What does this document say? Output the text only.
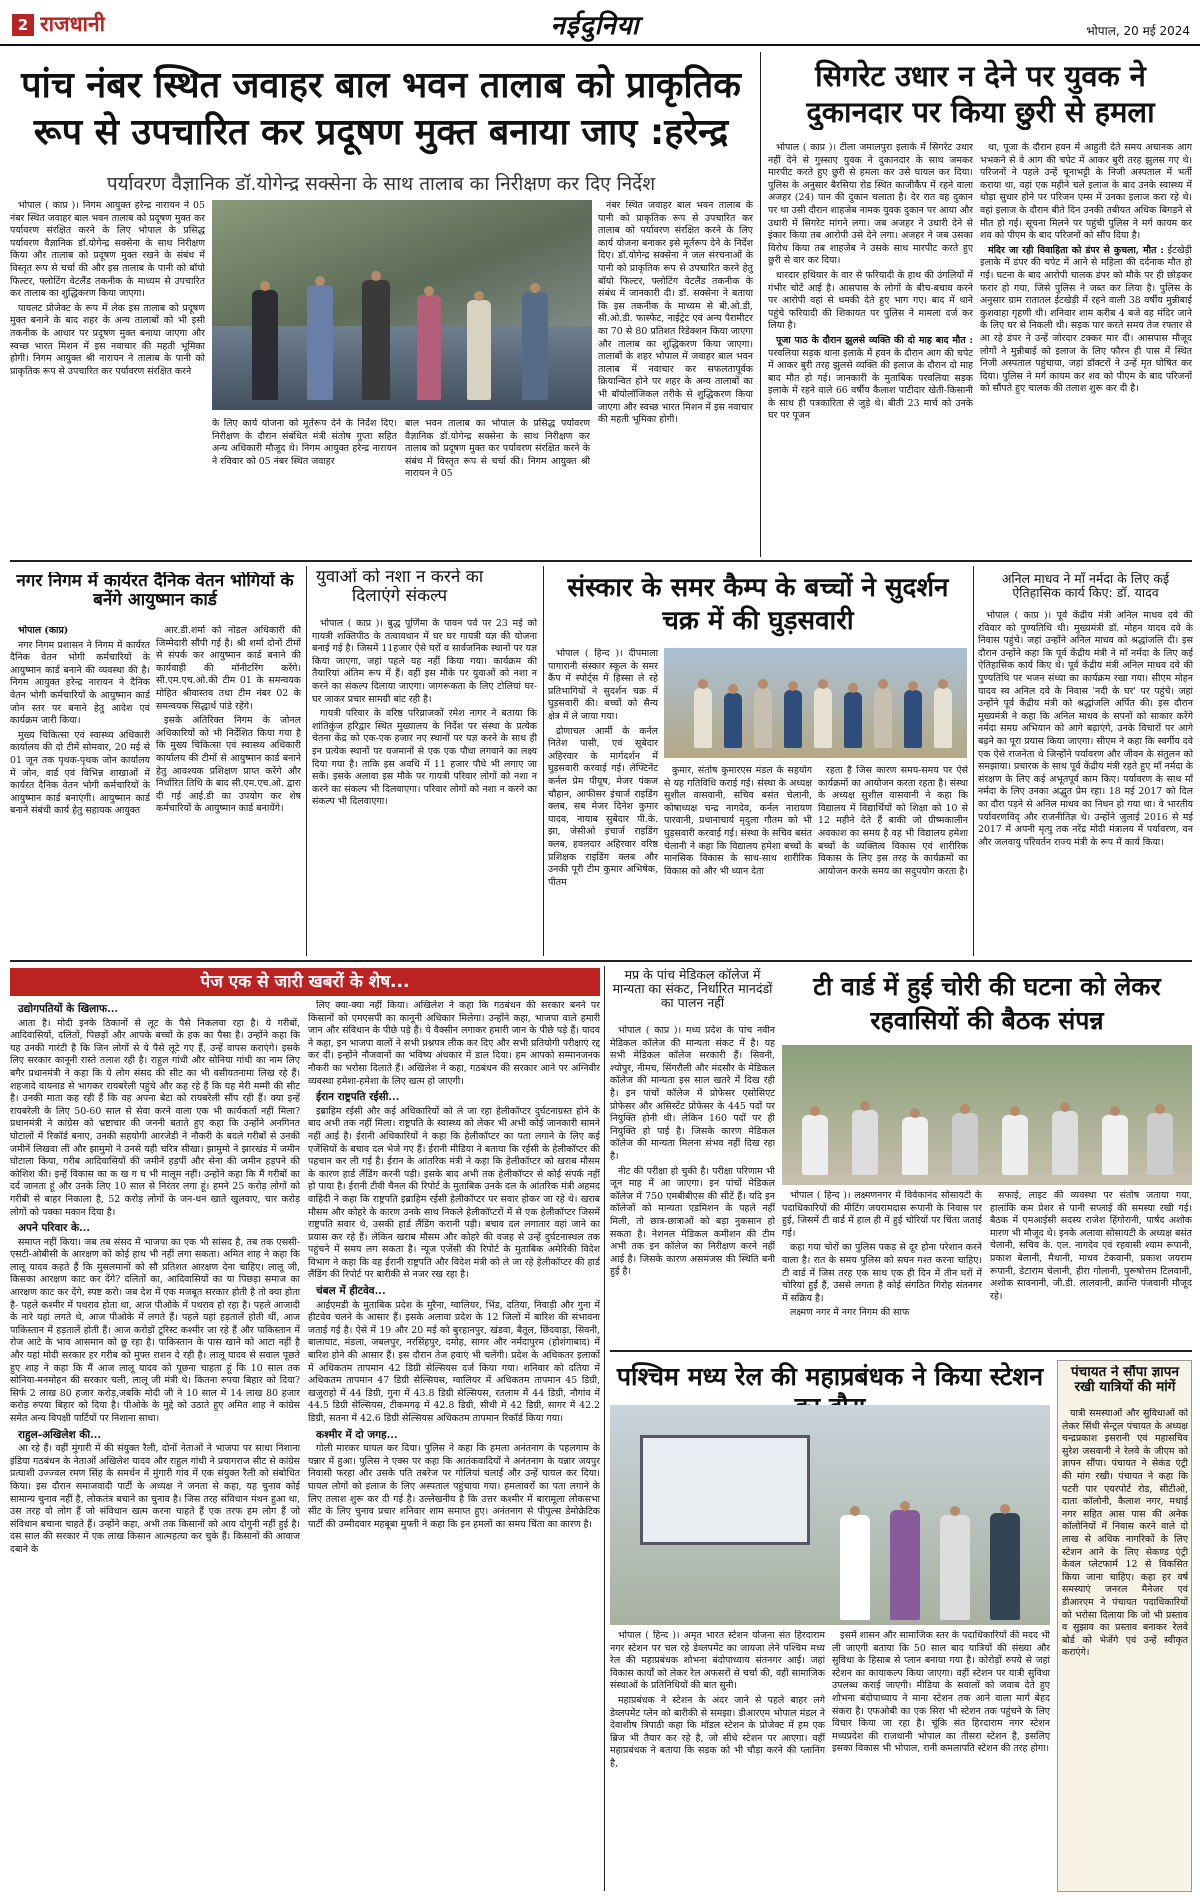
2 राजधानी	नईदुनिया	भोपाल, 20 मई 2024
पांच नंबर स्थित जवाहर बाल भवन तालाब को प्राकृतिक रूप से उपचारित कर प्रदूषण मुक्त बनाया जाए :हरेन्द्र
पर्यावरण वैज्ञानिक डॉ.योगेन्द्र सक्सेना के साथ तालाब का निरीक्षण कर दिए निर्देश

भोपाल ( काप्र )। निगम आयुक्त हरेन्द्र नारायन ने 05 नंबर स्थित जवाहर बाल भवन तालाब को प्रदूषण मुक्त कर पर्यावरण संरक्षित करने के लिए भोपाल के प्रसिद्ध पर्यावरण वैज्ञानिक डॉ.योगेन्द्र सक्सेना के साथ निरीक्षण किया और तालाब को प्रदूषण मुक्त रखने के संबंध में विस्तृत रूप से चर्चा की और इस तालाब के पानी को बॉयो फिल्टर, फ्लोटिंग वेटलैंड तकनीक के माध्यम से उपचारित कर तालाब का शुद्धिकरण किया जाएगा।

पायलट प्रोजेक्ट के रूप में लेक इस तालाब को प्रदूषण मुक्त बनाने के बाद शहर के अन्य तालाबों को भी इसी तकनीक के आधार पर प्रदूषण मुक्त बनाया जाएगा और स्वच्छ भारत मिशन में इस नवाचार की महती भूमिका होगी। निगम आयुक्त श्री नारायन ने तालाब के पानी को प्राकृतिक रूप से उपचारित कर पर्यावरण संरक्षित करने

के लिए कार्य योजना को मूर्तरूप देने के निर्देश दिए। निरीक्षण के दौरान संबंधित मंत्री संतोष गुप्ता सहित अन्य अधिकारी मौजूद थे। निगम आयुक्त हरेन्द्र नारायन ने रविवार को 05 नंबर स्थित जवाहर
बाल भवन तालाब का भोपाल के प्रसिद्ध पर्यावरण वैज्ञानिक डॉ.योगेन्द्र सक्सेना के साथ निरीक्षण कर तालाब को प्रदूषण मुक्त कर पर्यावरण संरक्षित करने के संबंध में विस्तृत रूप से चर्चा की। निगम आयुक्त श्री नारायन ने 05

नंबर स्थित जवाहर बाल भवन तालाब के पानी को प्राकृतिक रूप से उपचारित कर तालाब को पर्यावरण संरक्षित करने के लिए कार्य योजना बनाकर इसे मूर्तरूप देने के निर्देश दिए। डॉ.योगेन्द्र सक्सेना ने जल संरचनाओं के पानी को प्राकृतिक रूप से उपचारित करने हेतु बॉयो फिल्टर, फ्लोटिंग वेटलैंड तकनीक के संबंध में जानकारी दी। डॉ. सक्सेना ने बताया कि इस तकनीक के माध्यम से बी.ओ.डी, सी.ओ.डी. फास्फेट, नाईट्रेट एवं अन्य पैरामीटर का 70 से 80 प्रतिशत रिडेक्शन किया जाएगा और तालाब का शुद्धिकरण किया जाएगा। तालाबों के शहर भोपाल में जवाहर बाल भवन तालाब में नवाचार कर सफलतापूर्वक क्रियान्वित होने पर शहर के अन्य तालाबों का भी बॉयोलॉजिकल तरीके से शुद्धिकरण किया जाएगा और स्वच्छ भारत मिशन में इस नवाचार की महती भूमिका होगी।

सिगरेट उधार न देने पर युवक ने दुकानदार पर किया छुरी से हमला

भोपाल ( काप्र )। टीला जमालपुरा इलाके में सिगरेट उधार नहीं देने से गुस्साए युवक ने दुकानदार के साथ जमकर मारपीट करते हुए छुरी से हमला कर उसे घायल कर दिया। पुलिस के अनुसार बैरसिया रोड स्थित काजीकैंप में रहने वाला अजहर (24) पान की दुकान चलाता है। देर रात वह दुकान पर था उसी दौरान शाहजेब नामक युवक दुकान पर आया और उधारी में सिगरेट मांगने लगा। जब अजहर ने उधारी देने से इंकार किया तब आरोपी उसे देने लगा। अजहर ने जब उसका विरोध किया तब शाहजेब ने उसके साथ मारपीट करते हुए छुरी से वार कर दिया।

धारदार हथियार के वार से फरियादी के हाथ की उंगलियों में गंभीर चोटें आई है। आसपास के लोगों के बीच-बचाव करने पर आरोपी वहां से धमकी देते हुए भाग गए। बाद में थाने पहुंचे फरियादी की शिकायत पर पुलिस ने मामला दर्ज कर लिया है।

पूजा पाठ के दौरान झुलसे व्यक्ति की दो माह बाद मौत : परवलिया सड़क थाना इलाके में हवन के दौरान आग की चपेट में आकर बुरी तरह झुलसे व्यक्ति की इलाज के दौरान दो माह बाद मौत हो गई। जानकारी के मुताबिक परवलिया सड़क इलाके में रहने वाले 66 वर्षीय कैलाश पाटीदार खेती-किसानी के साथ ही पत्रकारिता से जुड़े थे। बीती 23 मार्च को उनके घर पर पूजन

था, पूजा के दौरान हवन में आहुती देते समय अचानक आग भभकने से वे आग की चपेट में आकर बुरी तरह झुलस गए थे। परिजनों ने पहले उन्हें चूनाभट्टी के निजी अस्पताल में भर्ती कराया था, वहां एक महीने चले इलाज के बाद उनके स्वास्थ्य में थोड़ा सुधार होने पर परिजन एम्स में उनका इलाज करा रहे थे। वहां इलाज के दौरान बीते दिन उनकी तबीयत अधिक बिगड़ने से मौत हो गई। सूचना मिलने पर पहुंची पुलिस ने मर्ग कायम कर शव को पीएम के बाद परिजनों को सौंप दिया है।

मंदिर जा रही विवाहिता को डंपर से कुचला, मौत : ईटखेड़ी इलाके में डंपर की चपेट में आने से महिला की दर्दनाक मौत हो गई। घटना के बाद आरोपी चालक डंपर को मौके पर ही छोड़कर फरार हो गया, जिसे पुलिस ने जब्त कर लिया है। पुलिस के अनुसार ग्राम रातातल ईटखेड़ी में रहने वाली 38 वर्षीय मुन्नीबाई कुशवाहा गृहणी थी। शनिवार शाम करीब 4 बजे वह मंदिर जाने के लिए घर से निकली थी। सड़क पार करते समय तेज रफ्तार से आ रहे डंपर ने उन्हें जोरदार टक्कर मार दी। आसपास मौजूद लोगों ने मुन्नीबाई को इलाज के लिए फौरन ही पास में स्थित निजी अस्पताल पहुंचाया, जहां डॉक्टरों ने उन्हें मृत घोषित कर दिया। पुलिस ने मर्ग कायम कर शव को पीएम के बाद परिजनों को सौंपते हुए चालक की तलाश शुरू कर दी है।

नगर निगम में कार्यरत दैनिक वेतन भोगियों के बनेंगे आयुष्मान कार्ड

भोपाल (काप्र)

नगर निगम प्रशासन ने निगम में कार्यरत दैनिक वेतन भोगी कर्मचारियों के आयुष्मान कार्ड बनाने की व्यवस्था की है। निगम आयुक्त हरेन्द्र नारायन ने दैनिक वेतन भोगी कर्मचारियों के आयुष्मान कार्ड जोन स्तर पर बनाने हेतु आदेश एवं कार्यक्रम जारी किया।

मुख्य चिकित्सा एवं स्वास्थ्य अधिकारी कार्यालय की दो टीमें सोमवार, 20 मई से 01 जून तक पृथक-पृथक जोन कार्यालय में जोन, वार्ड एवं विभिन्न शाखाओं में कार्यरत दैनिक वेतन भोगी कर्मचारियों के आयुष्मान कार्ड बनाएंगी। आयुष्मान कार्ड बनाने संबंधी कार्य हेतु सहायक आयुक्त

आर.डी.शर्मा को नोडल अधिकारी की जिम्मेदारी सौंपी गई है। श्री शर्मा दोनों टीमों से संपर्क कर आयुष्मान कार्ड बनाने की कार्यवाही की मॉनीटरिंग करेंगे। सी.एम.एच.ओ.की टीम 01 के समन्वयक मोहित श्रीवास्तव तथा टीम नंबर 02 के समन्वयक सिद्धार्थ पांडे रहेंगे।

इसके अतिरिक्त निगम के जोनल अधिकारियों को भी निर्देशित किया गया है कि मुख्य चिकित्सा एवं स्वास्थ्य अधिकारी कार्यालय की टीमों से आयुष्मान कार्ड बनाने हेतु आवश्यक प्रशिक्षण प्राप्त करेंगे और निर्धारित तिथि के बाद सी.एम.एच.ओ. द्वारा दी गई आई.डी का उपयोग कर शेष कर्मचारियों के आयुष्मान कार्ड बनायेंगे।

युवाओं को नशा न करने का दिलाएंगे संकल्प

भोपाल ( काप्र )। बुद्ध पूर्णिमा के पावन पर्व पर 23 मई को गायत्री शक्तिपीठ के तत्वावधान में घर घर गायत्री यज्ञ की योजना बनाई गई है। जिसमें 11हजार ऐसे घरों व सार्वजनिक स्थानों पर यज्ञ किया जाएगा, जहां पहले यह नहीं किया गया। कार्यक्रम की तैयारियां अंतिम रूप में हैं। वहीं इस मौके पर युवाओं को नशा न करने का संकल्प दिलाया जाएगा। जागरूकता के लिए टोलियां घर-घर जाकर प्रचार सामग्री बांट रही है।

गायत्री परिवार के वरिष्ठ परिव्राजकों रमेश नागर ने बताया कि शांतिकुंज हरिद्वार स्थित मुख्यालय के निर्देश पर संस्था के प्रत्येक चेतना केंद्र को एक-एक हजार नए स्थानों पर यज्ञ करने के साथ ही इन प्रत्येक स्थानों पर यजमानों से एक एक पौधा लगवाने का लक्ष्य दिया गया है। ताकि इस अवधि में 11 हजार पौधे भी लगाए जा सकें। इसके अलावा इस मौके पर गायत्री परिवार लोगों को नशा न करने का संकल्प भी दिलवाएगा। परिवार लोगों को नशा न करने का संकल्प भी दिलवाएगा।

संस्कार के समर कैम्प के बच्चों ने सुदर्शन चक्र में की घुड़सवारी

भोपाल ( हिन्द )। दीपमाला पागारानी संस्कार स्कूल के समर कैंप में स्पोर्ट्स में हिस्सा ले रहे प्रतिभागियों ने सुदर्शन चक्र में घुड़सवारी की। बच्चों को सैन्य क्षेत्र में ले जाया गया।

द्रोणाचल आर्मी के कर्नल नितेश पासी, एवं सूबेदार अहिरवार के मार्गदर्शन में घुड़सवारी करवाई गई। लेफ्टिनेंट कर्नल प्रेम पीयूष, मेजर पंकज चौहान, आफीसर इंचार्ज राइडिंग क्लब, सब मेजर दिनेश कुमार यादव, नायाब सुबेदार पी.के. झा, जेसीओ इंचार्ज राइडिंग क्लब, हवलदार अहिरवार वरिष्ठ प्रशिक्षक राइडिंग क्लब और उनकी पूरी टीम कुमार अभिषेक, पीतम

कुमार, संतोष कुमारएस मंडल के सहयोग से यह गतिविधि कराई गई। संस्था के अध्यक्ष सुशील वासवानी, सचिव बसंत चेलानी, कोषाध्यक्ष चन्द्र नागदेव, कर्नल नारायण पारवानी, प्रधानाचार्य मृदुला गौतम को भी घुड़सवारी करवाई गई। संस्था के सचिव बसंत चेलानी ने कहा कि विद्यालय हमेशा बच्चों के मानसिक विकास के साथ-साथ शारीरिक विकास को और भी ध्यान देता

रहता है जिस कारण समय-समय पर ऐसे कार्यक्रमों का आयोजन करता रहता है। संस्था के अध्यक्ष सुशील वासवानी ने कहा कि विद्यालय में विद्यार्थियों को शिक्षा को 10 से 12 महीने देते हैं बाकी जो ग्रीष्मकालीन अवकाश का समय है वह भी विद्यालय हमेशा बच्चों के व्यक्तित्व विकास एवं शारीरिक विकास के लिए इस तरह के कार्यक्रमों का आयोजन करके समय का सदुपयोग करता है।

अनिल माधव ने माँ नर्मदा के लिए कई ऐतिहासिक कार्य किए: डॉ. यादव

भोपाल ( काप्र )। पूर्व केंद्रीय मंत्री अनिल माधव दवे की रविवार को पुण्यतिथि थी। मुख्यमंत्री डॉ. मोहन यादव दवे के निवास पहुंचे। जहां उन्होंने अनिल माधव को श्रद्धांजलि दी। इस दौरान उन्होंने कहा कि पूर्व केंद्रीय मंत्री ने माँ नर्मदा के लिए कई ऐतिहासिक कार्य किए थे। पूर्व केंद्रीय मंत्री अनिल माधव दवे की पुण्यतिथि पर भजन संध्या का कार्यक्रम रखा गया। सीएम मोहन यादव स्व अनिल दवे के निवास 'नदी के घर' पर पहुंचे। जहां उन्होंने पूर्व केंद्रीय मंत्री को श्रद्धांजलि अर्पित की। इस दौरान मुख्यमंत्री ने कहा कि अनिल माधव के सपनों को साकार करेंगे नर्मदा समग्र अभियान को आगे बढ़ाएंगे, उनके विचारों पर आगे बढ़ने का पूरा प्रयास किया जाएगा। सीएम ने कहा कि स्वर्गीय दवे एक ऐसे राजनेता थे जिन्होंने पर्यावरण और जीवन के संतुलन को समझाया। प्रचारक के साथ पूर्व केंद्रीय मंत्री रहते हुए माँ नर्मदा के संरक्षण के लिए कई अभूतपूर्व काम किए। पर्यावरण के साथ माँ नर्मदा के लिए उनका अद्भुत प्रेम रहा। 18 मई 2017 को दिल का दौरा पड़ने से अनिल माधव का निधन हो गया था। वे भारतीय पर्यावरणविद् और राजनीतिज्ञ थे। उन्होंने जुलाई 2016 से मई 2017 में अपनी मृत्यु तक नरेंद्र मोदी मंत्रालय में पर्यावरण, वन और जलवायु परिवर्तन राज्य मंत्री के रूप में कार्य किया।

पेज एक से जारी खबरों के शेष...

उद्योगपतियों के खिलाफ...

आता है। मोदी इनके ठिकानों से लूट के पैसे निकलवा रहा है। ये गरीबों, आदिवासियों, दलितों, पिछड़ों और आपके बच्चों के हक का पैसा है। उन्होंने कहा कि यह उनकी गारंटी है कि जिन लोगों से ये पैसे लूटे गए हैं, उन्हें वापस कराएंगे। इसके लिए सरकार कानूनी रास्ते तलाश रही है। राहुल गांधी और सोनिया गांधी का नाम लिए बगैर प्रधानमंत्री ने कहा कि ये लोग संसद की सीट का भी वसीयतनामा लिख रहे हैं। शहजादे वायनाड से भागकर रायबरेली पहुंचे और कह रहे हैं कि यह मेरी मम्मी की सीट है। उनकी माता कह रही हैं कि वह अपना बेटा को रायबरेली सौंप रही हैं। क्या इन्हें रायबरेली के लिए 50-60 साल से सेवा करने वाला एक भी कार्यकर्ता नहीं मिला? प्रधानमंत्री ने कांग्रेस को भ्रष्टाचार की जननी बताते हुए कहा कि उन्होंने अनगिनत घोटालों में रिकॉर्ड बनाए, उनकी सहयोगी आरजेडी ने नौकरी के बदले गरीबों से उनकी जमीनें लिखवा लीं और झामुमो ने उनसे यही चरित्र सीखा। झामुमो ने झारखंड में जमीन घोटाला किया, गरीब आदिवासियों की जमीनें हड़पीं और सेना की जमीन हड़पने की कोशिश की। इन्हें विकास का क ख ग घ भी मालूम नहीं। उन्होंने कहा कि मैं गरीबों का दर्द जानता हूं और उनके लिए 10 साल से निरंतर लगा हूं। हमने 25 करोड़ लोगों को गरीबी से बाहर निकाला है, 52 करोड़ लोगों के जन-धन खाते खुलवाए, चार करोड़ लोगों को पक्का मकान दिया है।

अपने परिवार के...

समाप्त नहीं किया। जब तब संसद में भाजपा का एक भी सांसद है, तब तक एससी-एसटी-ओबीसी के आरक्षण को कोई हाथ भी नहीं लगा सकता। अमित शाह ने कहा कि लालू यादव कहते हैं कि मुसलमानों को सौ प्रतिशत आरक्षण देना चाहिए। लालू जी, किसका आरक्षण काट कर देंगे? दलितों का, आदिवासियों का या पिछड़ा समाज का आरक्षण काट कर देंगे, स्पष्ट करो। जब देश में एक मजबूत सरकार होती है तो क्या होता है- पहले कश्मीर में पथराव होता था, आज पीओके में पथराव हो रहा है। पहले आजादी के नारे यहां लगते थे, आज पीओके में लगते हैं। पहले यहां हड़तालें होती थीं, आज पाकिस्तान में हड़तालें होती हैं। आज करोड़ों टूरिस्ट कश्मीर जा रहे हैं और पाकिस्तान में रोज आटे के भाव आसमान को छू रहा है। पाकिस्तान के पास खाने को आटा नहीं है और यहां मोदी सरकार हर गरीब को मुफ्त राशन दे रही है। लालू यादव से सवाल पूछते हुए शाह ने कहा कि मैं आज लालू यादव को पूछना चाहता हूं कि 10 साल तक सोनिया-मनमोहन की सरकार चली, लालू जी मंत्री थे। कितना रुपया बिहार को दिया? सिर्फ 2 लाख 80 हजार करोड़,जबकि मोदी जी ने 10 साल में 14 लाख 80 हजार करोड़ रुपया बिहार को दिया है। पीओके के मुद्दे को उठाते हुए अमित शाह ने कांग्रेस समेत अन्य विपक्षी पार्टियों पर निशाना साधा।

राहुल-अखिलेश की...

आ रहे हैं। वहीं मुंगारी में की संयुक्त रैली, दोनों नेताओं ने भाजपा पर साधा निशाना इंडिया गठबंधन के नेताओं अखिलेश यादव और राहुल गांधी ने प्रयागराज सीट से कांग्रेस प्रत्याशी उज्ज्वल रमण सिंह के समर्थन में मुंगारी गांव में एक संयुक्त रैली को संबोधित किया। इस दौरान समाजवादी पार्टी के अध्यक्ष ने जनता से कहा, यह चुनाव कोई सामान्य चुनाव नहीं है, लोकतंत्र बचाने का चुनाव है। जिस तरह संविधान मंथन हुआ था, उस तरह वो लोग हैं जो संविधान खत्म करना चाहते हैं एक तरफ हम लोग हैं जो संविधान बचाना चाहते हैं। उन्होंने कहा, अभी तक किसानों को आय दोगुनी नहीं हुई है। दस साल की सरकार में एक लाख किसान आत्महत्या कर चुके हैं। किसानों की आवाज दबाने के

लिए क्या-क्या नहीं किया। अखिलेश ने कहा कि गठबंधन की सरकार बनने पर किसानों को एमएसपी का कानूनी अधिकार मिलेगा। उन्होंने कहा, भाजपा वाले हमारी जान और संविधान के पीछे पड़े हैं। ये वैक्सीन लगाकर हमारी जान के पीछे पड़े हैं। यादव ने कहा, इन भाजपा वालों ने सभी प्रश्नपत्र लीक कर दिए और सभी प्रतियोगी परीक्षाएं रद्द कर दीं। इन्होंने नौजवानों का भविष्य अंधकार में डाल दिया। हम आपको सम्मानजनक नौकरी का भरोसा दिलाते हैं। अखिलेश ने कहा, गठबंधन की सरकार आने पर अग्निवीर व्यवस्था हमेशा-हमेशा के लिए खत्म हो जाएगी।

ईरान राष्ट्रपति रईसी...

इब्राहिम रईसी और कई अधिकारियों को ले जा रहा हेलीकॉप्टर दुर्घटनाग्रस्त होने के बाद अभी तक नहीं मिला। राष्ट्रपति के स्वास्थ्य को लेकर भी अभी कोई जानकारी सामने नहीं आई है। ईरानी अधिकारियों ने कहा कि हेलीकॉप्टर का पता लगाने के लिए कई एजेंसियों के बचाव दल भेजे गए हैं। ईरानी मीडिया ने बताया कि रईसी के हेलीकॉप्टर की पहचान कर ली गई है। ईरान के आंतरिक मंत्री ने कहा कि हेलीकॉप्टर को खराब मौसम के कारण हार्ड लैंडिंग करनी पड़ी। इसके बाद अभी तक हेलीकॉप्टर से कोई संपर्क नहीं हो पाया है। ईरानी टीवी चैनल की रिपोर्ट के मुताबिक उनके दल के आंतरिक मंत्री अहमद वाहिदी ने कहा कि राष्ट्रपति इब्राहिम रईसी हेलीकॉप्टर पर सवार होकर जा रहे थे। खराब मौसम और कोहरे के कारण उनके साथ निकले हेलीकॉप्टरों में से एक हेलीकॉप्टर जिसमें राष्ट्रपति सवार थे, उसकी हार्ड लैंडिंग करानी पड़ी। बचाव दल लगातार वहां जाने का प्रयास कर रहे हैं। लेकिन खराब मौसम और कोहरे की वजह से उन्हें दुर्घटनास्थल तक पहुंचने में समय लग सकता है। न्यूज एजेंसी की रिपोर्ट के मुताबिक अमेरिकी विदेश विभाग ने कहा कि वह ईरानी राष्ट्रपति और विदेश मंत्री को ले जा रहे हेलीकॉप्टर की हार्ड लैंडिंग की रिपोर्ट पर बारीकी से नजर रख रहा है।

चंबल में हीटवेव...

आईएमडी के मुताबिक प्रदेश के मुरैना, ग्वालियर, भिंड, दतिया, निवाड़ी और गुना में हीटवेव चलने के आसार हैं। इसके अलावा प्रदेश के 12 जिलों में बारिश की संभावना जताई गई है। ऐसे में 19 और 20 मई को बुरहानपुर, खंडवा, बैतूल, छिंदवाड़ा, सिवनी, बालाघाट, मंडला, जबलपुर, नरसिंहपुर, दमोह, सागर और नर्मदापुरम (होशंगाबाद) में बारिश होने की आसार हैं। इस दौरान तेज हवाएं भी चलेंगी। प्रदेश के अधिकतर इलाकों में अधिकतम तापमान 42 डिग्री सेल्सियस दर्ज किया गया। शनिवार को दतिया में अधिकतम तापमान 47 डिग्री सेल्सियस, ग्वालियर में अधिकतम तापमान 45 डिग्री, खजुराहो में 44 डिग्री, गुना में 43.8 डिग्री सेल्सियस, रतलाम में 44 डिग्री, नौगांव में 44.5 डिग्री सेल्सियस, टीकमगढ़ में 42.8 डिग्री, सीधी में 42 डिग्री, सागर में 42.2 डिग्री, सतना में 42.6 डिग्री सेल्सियस अधिकतम तापमान रिकॉर्ड किया गया।

कश्मीर में दो जगह...

गोली मारकर घायल कर दिया। पुलिस ने कहा कि हमला अनंतनाग के पहलगाम के यन्नार में हुआ। पुलिस ने एक्स पर कहा कि आतंकवादियों ने अनंतनाग के यन्नार जयपुर निवासी फरहा और उसके पति तबरेज पर गोलियां चलाईं और उन्हें घायल कर दिया। घायल लोगों को इलाज के लिए अस्पताल पहुंचाया गया। हमलावरों का पता लगाने के लिए तलाश शुरू कर दी गई है। उल्लेखनीय है कि उत्तर कश्मीर में बारामूला लोकसभा सीट के लिए चुनाव प्रचार शनिवार शाम समाप्त हुए। अनंतनाग से पीपुल्स डेमोक्रेटिक पार्टी की उम्मीदवार महबूबा मुफ्ती ने कहा कि इन हमलों का समय चिंता का कारण है।

मप्र के पांच मेडिकल कॉलेज में मान्यता का संकट, निर्धारित मानदंडों का पालन नहीं

भोपाल ( काप्र )। मध्य प्रदेश के पांच नवीन मेडिकल कॉलेज की मान्यता संकट में है। यह सभी मेडिकल कॉलेज सरकारी हैं। सिवनी, श्योपुर, नीमच, सिंगरौली और मंदसौर के मेडिकल कॉलेज की मान्यता इस साल खतरे में दिख रही है। इन पांचों कॉलेज में प्रोफेसर एसोसिएट प्रोफेसर और असिस्टेंट प्रोफेसर के 445 पदों पर नियुक्ति होनी थी। लेकिन 160 पदों पर ही नियुक्ति हो पाई है। जिसके कारण मेडिकल कॉलेज की मान्यता मिलना संभव नहीं दिख रहा है।

नीट की परीक्षा हो चुकी है। परीक्षा परिणाम भी जून माह में आ जाएगा। इन पांचों मेडिकल कॉलेज में 750 एमबीबीएस की सीटें हैं। यदि इन कॉलेजों को मान्यता एडमिशन के पहले नहीं मिली, तो छात्र-छात्राओं को बड़ा नुकसान हो सकता है। नेशनल मेडिकल कमीशन की टीम अभी तक इन कॉलेज का निरीक्षण करने नहीं आई है। जिसके कारण असमंजस की स्थिति बनी हुई है।

टी वार्ड में हुई चोरी की घटना को लेकर रहवासियों की बैठक संपन्न

भोपाल ( हिन्द )। लक्ष्मणनगर में विवेकानंद सोसायटी के पदाधिकारियों की मीटिंग जयरामदास रूपानी के निवास पर हुई, जिसमें टी वार्ड में हाल ही में हुई चोरियों पर चिंता जताई गई।

कहा गया चोरों का पुलिस पकड़ से दूर होना परेशान करने वाला है। रात के समय पुलिस को सघन गश्त करना चाहिए। टी वार्ड में जिस तरह एक साथ एक ही दिन में तीन घरों में चोरियां हुईं हैं, उससे लगता है कोई संगठित गिरोह संतनगर में सक्रिय है।

लक्ष्मण नगर में नगर निगम की साफ

सफाई, लाइट की व्यवस्था पर संतोष जताया गया, हालांकि कम प्रेशर से पानी सप्लाई की समस्या रखी गई। बैठक में एमआईसी सदस्य राजेश हिंगोरानी, पार्षद अशोक मारण भी मौजूद थे। इनके अलावा सोसायटी के अध्यक्ष बसंत चेलानी, सचिव के. एल. नागदेव एवं रहवासी श्याम रूपानी, प्रकाश बेलानी, मैथानी, माधव टेकवानी, प्रकाश जयराम रूपानी, डेटाराम चेलानी, हीरा गोलानी, पुरूषोत्तम टिलवानी, अशोक सावनानी, जी.डी. लालवानी, क्रान्ति पंजवानी मौजूद रहे।

पश्चिम मध्य रेल की महाप्रबंधक ने किया स्टेशन

भोपाल ( हिन्द )। अमृत भारत स्टेशन योजना संत हिरदाराम नगर स्टेशन पर चल रहे डेव्लपमेंट का जायजा लेने पश्चिम मध्य रेल की महाप्रबंधक शोभना बंदोपाध्याय संतनगर आई। जहां विकास कार्यों को लेकर रेल अफसरों से चर्चा की, वहीं सामाजिक संस्थाओं के प्रतिनिधियों की बात सुनी।

महाप्रबंधक ने स्टेशन के अंदर जाने से पहले बाहर लगे डेव्लपमेंट प्लेन को बारीकी से समझा। डीआरएम भोपाल मंडल ने देवाशीष त्रिपाठी कहा कि मॉडल स्टेशन के प्रोजेक्ट में हम एक ब्रिज भी तैयार कर रहे है, जो सीधे स्टेशन पर आएगा। वहीं महाप्रबंधक ने बताया कि सड़क को भी चौड़ा करने की प्लानिंग है,

इसमें शासन और सामाजिक स्तर के पदाधिकारियों की मदद भी ली जाएगी बताया कि 50 साल बाद यात्रियों की संख्या और सुविधा के हिसाब से प्लान बनाया गया है। कोरोड़ों रुपये से जहां स्टेशन का कायाकल्प किया जाएगा। वहीं स्टेशन पर यात्री सुविधा उपलब्ध कराई जाएगी। मीडिया के सवालों को जवाब देते हुए शोभना बंदोपाध्याय ने माना स्टेशन तक आने वाला मार्ग बेहद संकरा है। एफओबी का एक सिरा भी स्टेशन तक पहुंचने के लिए विचार किया जा रहा है। चूंकि संत हिरदाराम नगर स्टेशन मध्यप्रदेश की राजधानी भोपाल का तीसरा स्टेशन है, इसलिए इसका विकास भी भोपाल, रानी कमलापति स्टेशन की तरह होगा।

पंचायत ने सौंपा ज्ञापन रखी यात्रियों की मांगें

यात्री समस्याओं और सुविधाओं को लेकर सिंधी सेन्ट्रल पंचायत के अध्यक्ष चन्द्रप्रकाश इसरानी एवं महासचिव सुरेश जसवानी ने रेलवे के जीएम को ज्ञापन सौंपा। पंचायत ने सेकंड एंट्री की मांग रखी। पंचायत ने कहा कि पटरी पार एयरपोर्ट रोड, सीटीओ, दाता कॉलोनी, कैलाश नगर, मथाई नगर सहित आस पास की अनेक कॉलोनियों में निवास करने वाले दो लाख से अधिक नागरिकों के लिए स्टेशन आने के लिए सेकण्ड एंट्री केवल प्लेटफार्म 12 से विकसित किया जाना चाहिए। कहा हर वर्ष समस्याएं जनरल मैनेजर एवं डीआरएम ने पंचायत पदाधिकारियों को भरोसा दिलाया कि जो भी प्रस्ताव व सुझाव का प्रस्ताव बनाकर रेलवे बोर्ड को भेजेंगे एवं उन्हें स्वीकृत कराएंगे।
